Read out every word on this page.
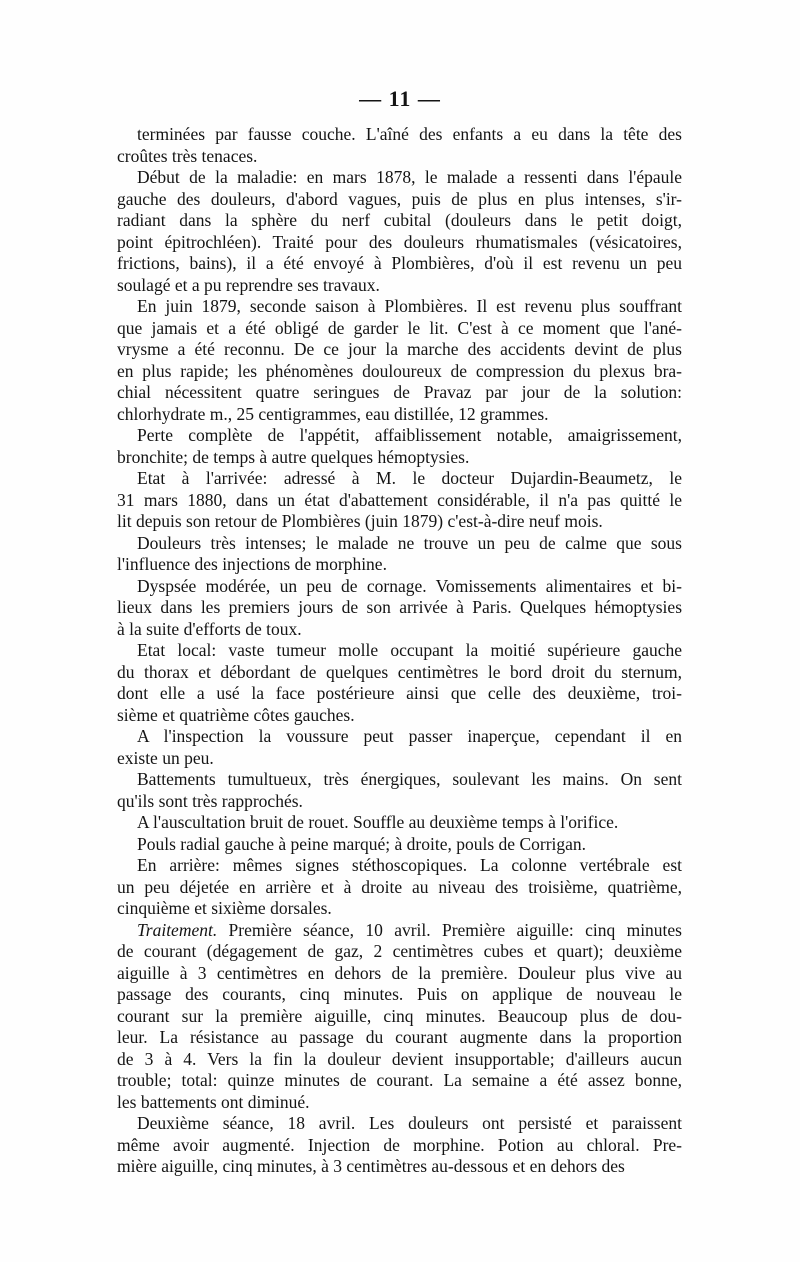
— 11 —

terminées par fausse couche. L'aîné des enfants a eu dans la tête des

croûtes très tenaces.

Début de la maladie: en mars 1878, le malade a ressenti dans l'épaule

gauche des douleurs, d'abord vagues, puis de plus en plus intenses, s'ir-

radiant dans la sphère du nerf cubital (douleurs dans le petit doigt,

point épitrochléen). Traité pour des douleurs rhumatismales (vésicatoires,

frictions, bains), il a été envoyé à Plombières, d'où il est revenu un peu

soulagé et a pu reprendre ses travaux.

En juin 1879, seconde saison à Plombières. Il est revenu plus souffrant

que jamais et a été obligé de garder le lit. C'est à ce moment que l'ané-

vrysme a été reconnu. De ce jour la marche des accidents devint de plus

en plus rapide; les phénomènes douloureux de compression du plexus bra-

chial nécessitent quatre seringues de Pravaz par jour de la solution:

chlorhydrate m., 25 centigrammes, eau distillée, 12 grammes.

Perte complète de l'appétit, affaiblissement notable, amaigrissement,

bronchite; de temps à autre quelques hémoptysies.

Etat à l'arrivée: adressé à M. le docteur Dujardin-Beaumetz, le

31 mars 1880, dans un état d'abattement considérable, il n'a pas quitté le

lit depuis son retour de Plombières (juin 1879) c'est-à-dire neuf mois.

Douleurs très intenses; le malade ne trouve un peu de calme que sous

l'influence des injections de morphine.

Dyspsée modérée, un peu de cornage. Vomissements alimentaires et bi-

lieux dans les premiers jours de son arrivée à Paris. Quelques hémoptysies

à la suite d'efforts de toux.

Etat local: vaste tumeur molle occupant la moitié supérieure gauche

du thorax et débordant de quelques centimètres le bord droit du sternum,

dont elle a usé la face postérieure ainsi que celle des deuxième, troi-

sième et quatrième côtes gauches.

A l'inspection la voussure peut passer inaperçue, cependant il en

existe un peu.

Battements tumultueux, très énergiques, soulevant les mains. On sent

qu'ils sont très rapprochés.

A l'auscultation bruit de rouet. Souffle au deuxième temps à l'orifice.

Pouls radial gauche à peine marqué; à droite, pouls de Corrigan.

En arrière: mêmes signes stéthoscopiques. La colonne vertébrale est

un peu déjetée en arrière et à droite au niveau des troisième, quatrième,

cinquième et sixième dorsales.

Traitement. Première séance, 10 avril. Première aiguille: cinq minutes

de courant (dégagement de gaz, 2 centimètres cubes et quart); deuxième

aiguille à 3 centimètres en dehors de la première. Douleur plus vive au

passage des courants, cinq minutes. Puis on applique de nouveau le

courant sur la première aiguille, cinq minutes. Beaucoup plus de dou-

leur. La résistance au passage du courant augmente dans la proportion

de 3 à 4. Vers la fin la douleur devient insupportable; d'ailleurs aucun

trouble; total: quinze minutes de courant. La semaine a été assez bonne,

les battements ont diminué.

Deuxième séance, 18 avril. Les douleurs ont persisté et paraissent

même avoir augmenté. Injection de morphine. Potion au chloral. Pre-

mière aiguille, cinq minutes, à 3 centimètres au-dessous et en dehors des
